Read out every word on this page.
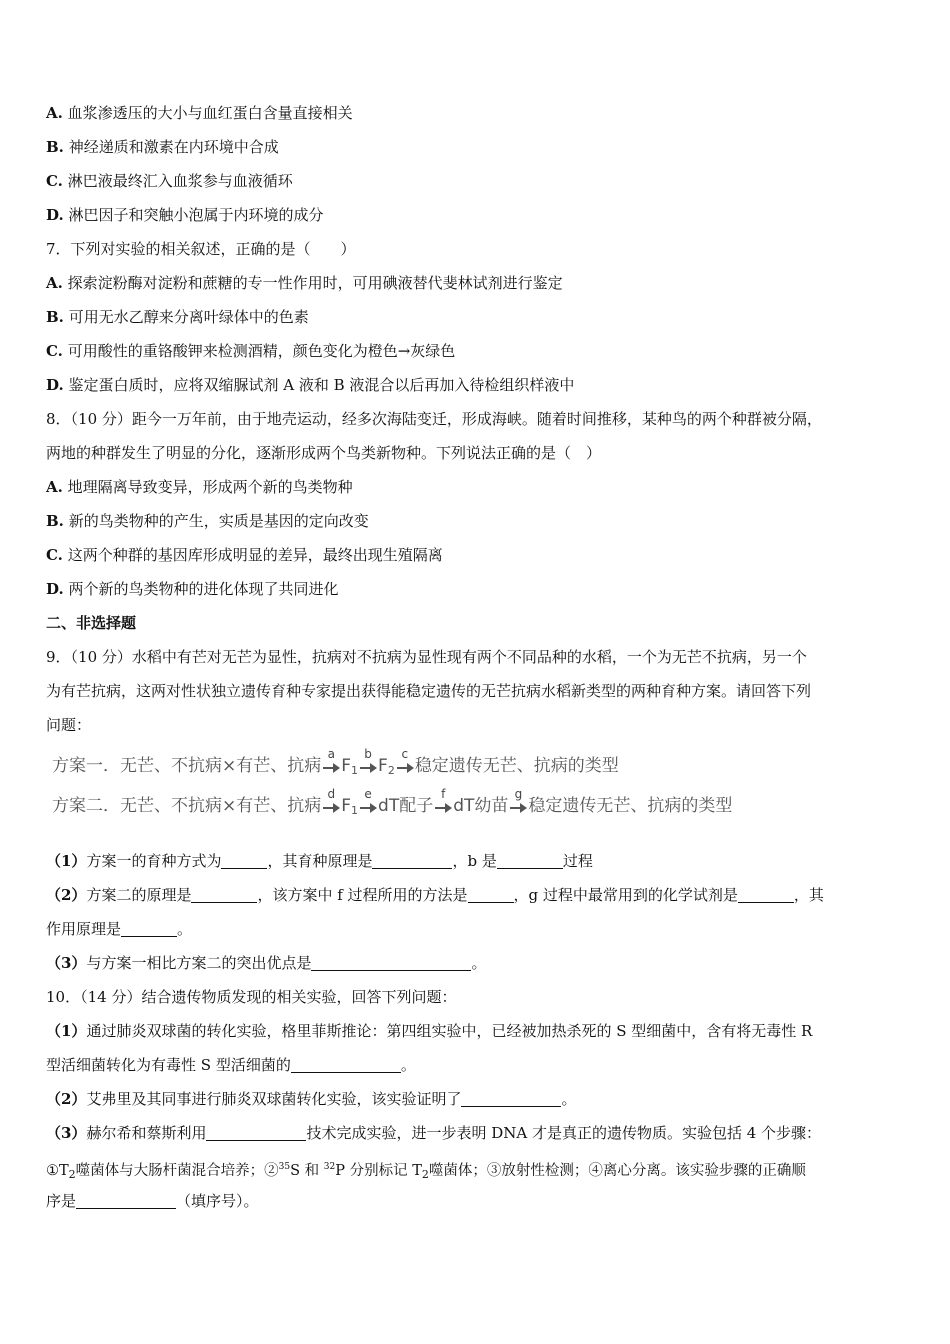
A. 血浆渗透压的大小与血红蛋白含量直接相关
B. 神经递质和激素在内环境中合成
C. 淋巴液最终汇入血浆参与血液循环
D. 淋巴因子和突触小泡属于内环境的成分
7．下列对实验的相关叙述，正确的是（　　）
A. 探索淀粉酶对淀粉和蔗糖的专一性作用时，可用碘液替代斐林试剂进行鉴定
B. 可用无水乙醇来分离叶绿体中的色素
C. 可用酸性的重铬酸钾来检测酒精，颜色变化为橙色→灰绿色
D. 鉴定蛋白质时，应将双缩脲试剂 A 液和 B 液混合以后再加入待检组织样液中
8．（10 分）距今一万年前，由于地壳运动，经多次海陆变迁，形成海峡。随着时间推移，某种鸟的两个种群被分隔，
两地的种群发生了明显的分化，逐渐形成两个鸟类新物种。下列说法正确的是（　）
A. 地理隔离导致变异，形成两个新的鸟类物种
B. 新的鸟类物种的产生，实质是基因的定向改变
C. 这两个种群的基因库形成明显的差异，最终出现生殖隔离
D. 两个新的鸟类物种的进化体现了共同进化
二、非选择题
9．（10 分）水稻中有芒对无芒为显性，抗病对不抗病为显性现有两个不同品种的水稻，一个为无芒不抗病，另一个
为有芒抗病，这两对性状独立遗传育种专家提出获得能稳定遗传的无芒抗病水稻新类型的两种育种方案。请回答下列
问题：
方案一．无芒、不抗病×有芒、抗病
a
$F_1$
b
$F_2$
c
稳定遗传无芒、抗病的类型
方案二．无芒、不抗病×有芒、抗病
d
$F_1$
e
dT配子
f
dT幼苗
g
稳定遗传无芒、抗病的类型
（1）方案一的育种方式为	，其育种原理是	，b 是	过程
（2）方案二的原理是	，该方案中 f 过程所用的方法是	，g 过程中最常用到的化学试剂是	，其
作用原理是	。
（3）与方案一相比方案二的突出优点是	。
10．（14 分）结合遗传物质发现的相关实验，回答下列问题：
（1）通过肺炎双球菌的转化实验，格里菲斯推论：第四组实验中，已经被加热杀死的 S 型细菌中，含有将无毒性 R
型活细菌转化为有毒性 S 型活细菌的	。
（2）艾弗里及其同事进行肺炎双球菌转化实验，该实验证明了	。
（3）赫尔希和蔡斯利用	技术完成实验，进一步表明 DNA 才是真正的遗传物质。实验包括 4 个步骤：
$①T_2$噬菌体与大肠杆菌混合培养；②$^{35}$S 和 $^{32}$P 分别标记 $T_2$噬菌体；③放射性检测；④离心分离。该实验步骤的正确顺
序是	（填序号）。
